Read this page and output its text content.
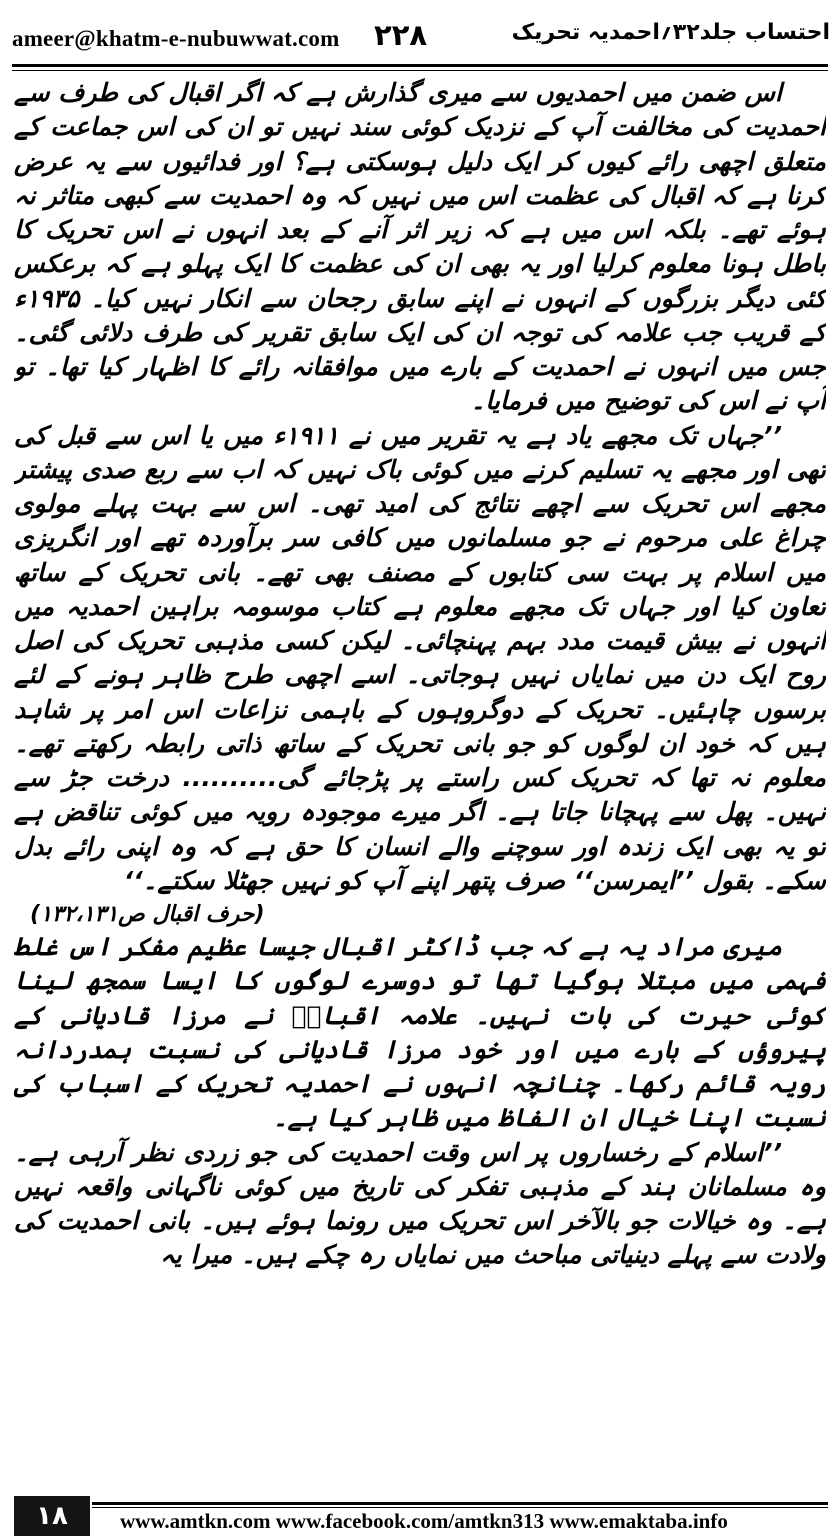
ameer@khatm-e-nubuwwat.com ۲۲۸	احتساب جلد۳۲؍احمدیہ تحریک

اس ضمن میں احمدیوں سے میری گذارش ہے کہ اگر اقبال کی طرف سے احمدیت کی مخالفت آپ کے نزدیک کوئی سند نہیں تو ان کی اس جماعت کے متعلق اچھی رائے کیوں کر ایک دلیل ہوسکتی ہے؟ اور فدائیوں سے یہ عرض کرنا ہے کہ اقبال کی عظمت اس میں نہیں کہ وہ احمدیت سے کبھی متاثر نہ ہوئے تھے۔ بلکہ اس میں ہے کہ زیر اثر آنے کے بعد انہوں نے اس تحریک کا باطل ہونا معلوم کرلیا اور یہ بھی ان کی عظمت کا ایک پہلو ہے کہ برعکس کئی دیگر بزرگوں کے انہوں نے اپنے سابق رجحان سے انکار نہیں کیا۔ ۱۹۳۵ء کے قریب جب علامہ کی توجہ ان کی ایک سابق تقریر کی طرف دلائی گئی۔ جس میں انہوں نے احمدیت کے بارے میں موافقانہ رائے کا اظہار کیا تھا۔ تو آپ نے اس کی توضیح میں فرمایا۔

’’جہاں تک مجھے یاد ہے یہ تقریر میں نے ۱۹۱۱ء میں یا اس سے قبل کی تھی اور مجھے یہ تسلیم کرنے میں کوئی باک نہیں کہ اب سے ربع صدی پیشتر مجھے اس تحریک سے اچھے نتائج کی امید تھی۔ اس سے بہت پہلے مولوی چراغ علی مرحوم نے جو مسلمانوں میں کافی سر برآوردہ تھے اور انگریزی میں اسلام پر بہت سی کتابوں کے مصنف بھی تھے۔ بانی تحریک کے ساتھ تعاون کیا اور جہاں تک مجھے معلوم ہے کتاب موسومہ براہین احمدیہ میں انہوں نے بیش قیمت مدد بہم پہنچائی۔ لیکن کسی مذہبی تحریک کی اصل روح ایک دن میں نمایاں نہیں ہوجاتی۔ اسے اچھی طرح ظاہر ہونے کے لئے برسوں چاہئیں۔ تحریک کے دوگروہوں کے باہمی نزاعات اس امر پر شاہد ہیں کہ خود ان لوگوں کو جو بانی تحریک کے ساتھ ذاتی رابطہ رکھتے تھے۔ معلوم نہ تھا کہ تحریک کس راستے پر پڑجائے گی.......... درخت جڑ سے نہیں۔ پھل سے پہچانا جاتا ہے۔ اگر میرے موجودہ رویہ میں کوئی تناقض ہے تو یہ بھی ایک زندہ اور سوچنے والے انسان کا حق ہے کہ وہ اپنی رائے بدل سکے۔ بقول ’’ایمرسن‘‘ صرف پتھر اپنے آپ کو نہیں جھٹلا سکتے۔‘‘

(حرف اقبال ص۱۳۲،۱۳۱)

میری مراد یہ ہے کہ جب ڈاکٹر اقبال جیسا عظیم مفکر اس غلط فہمی میں مبتلا ہوگیا تھا تو دوسرے لوگوں کا ایسا سمجھ لینا کوئی حیرت کی بات نہیں۔ علامہ اقبالؒ نے مرزا قادیانی کے پیروؤں کے بارے میں اور خود مرزا قادیانی کی نسبت ہمدردانہ رویہ قائم رکھا۔ چنانچہ انہوں نے احمدیہ تحریک کے اسباب کی نسبت اپنا خیال ان الفاظ میں ظاہر کیا ہے۔

’’اسلام کے رخساروں پر اس وقت احمدیت کی جو زردی نظر آرہی ہے۔ وہ مسلمانان ہند کے مذہبی تفکر کی تاریخ میں کوئی ناگہانی واقعہ نہیں ہے۔ وہ خیالات جو بالآخر اس تحریک میں رونما ہوئے ہیں۔ بانی احمدیت کی ولادت سے پہلے دینیاتی مباحث میں نمایاں رہ چکے ہیں۔ میرا یہ

۱۸	www.amtkn.com www.facebook.com/amtkn313 www.emaktaba.info
